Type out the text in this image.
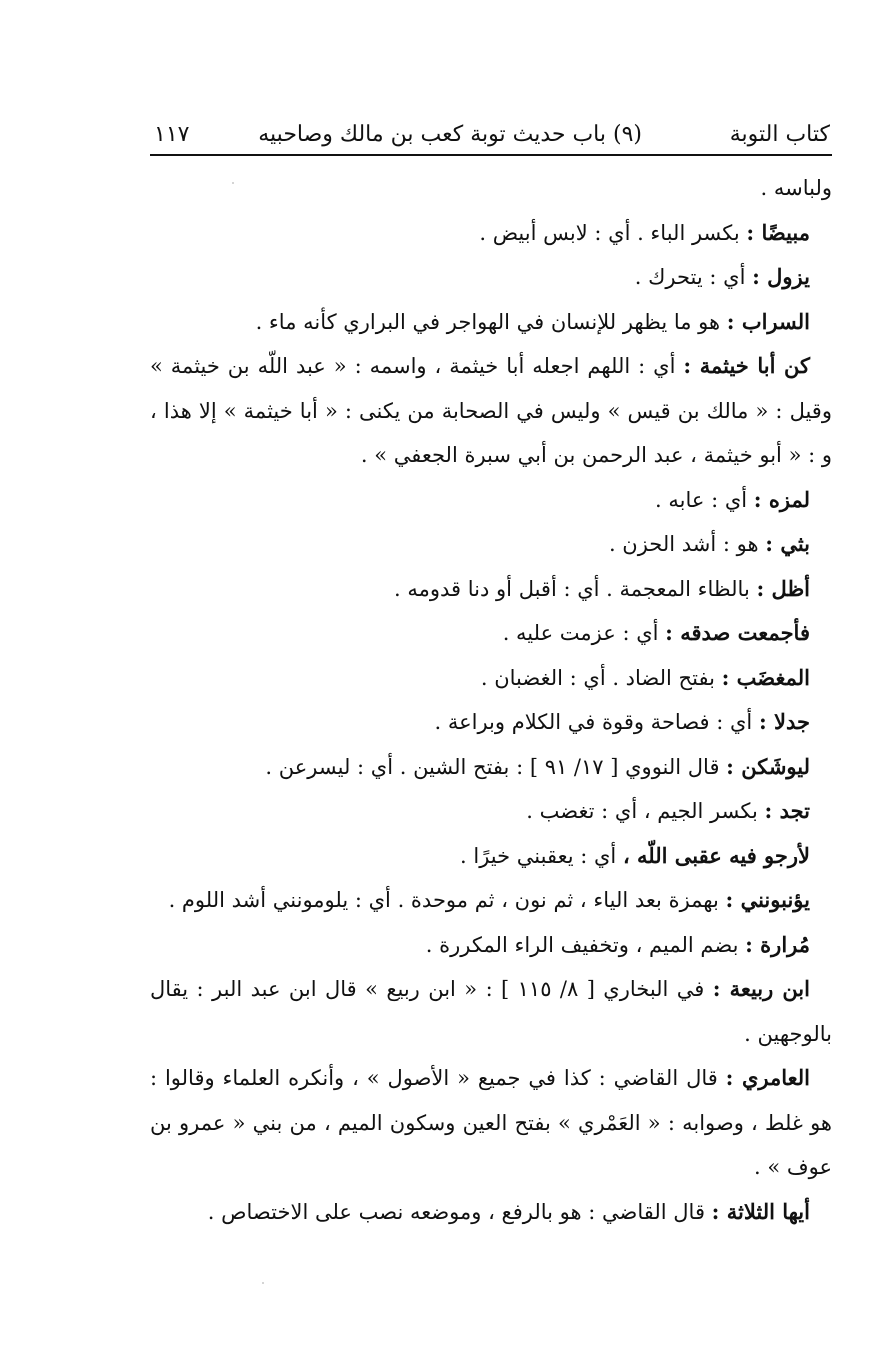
كتاب التوبة
(٩) باب حديث توبة كعب بن مالك وصاحبيه
١١٧

ولباسه .

مبيضًا : بكسر الباء . أي : لابس أبيض .

يزول : أي : يتحرك .

السراب : هو ما يظهر للإنسان في الهواجر في البراري كأنه ماء .

كن أبا خيثمة : أي : اللهم اجعله أبا خيثمة ، واسمه : « عبد اللّه بن خيثمة » وقيل : « مالك بن قيس » وليس في الصحابة من يكنى : « أبا خيثمة » إلا هذا ، و : « أبو خيثمة ، عبد الرحمن بن أبي سبرة الجعفي » .

لمزه : أي : عابه .

بثي : هو : أشد الحزن .

أظل : بالظاء المعجمة . أي : أقبل أو دنا قدومه .

فأجمعت صدقه : أي : عزمت عليه .

المغضَب : بفتح الضاد . أي : الغضبان .

جدلا : أي : فصاحة وقوة في الكلام وبراعة .

ليوشَكن : قال النووي [ ١٧/ ٩١ ] : بفتح الشين . أي : ليسرعن .

تجد : بكسر الجيم ، أي : تغضب .

لأرجو فيه عقبى اللّه ، أي : يعقبني خيرًا .

يؤنبونني : بهمزة بعد الياء ، ثم نون ، ثم موحدة . أي : يلومونني أشد اللوم .

مُرارة : بضم الميم ، وتخفيف الراء المكررة .

ابن ربيعة : في البخاري [ ٨/ ١١٥ ] : « ابن ربيع » قال ابن عبد البر : يقال بالوجهين .

العامري : قال القاضي : كذا في جميع « الأصول » ، وأنكره العلماء وقالوا : هو غلط ، وصوابه : « العَمْري » بفتح العين وسكون الميم ، من بني « عمرو بن عوف » .

أيها الثلاثة : قال القاضي : هو بالرفع ، وموضعه نصب على الاختصاص .
